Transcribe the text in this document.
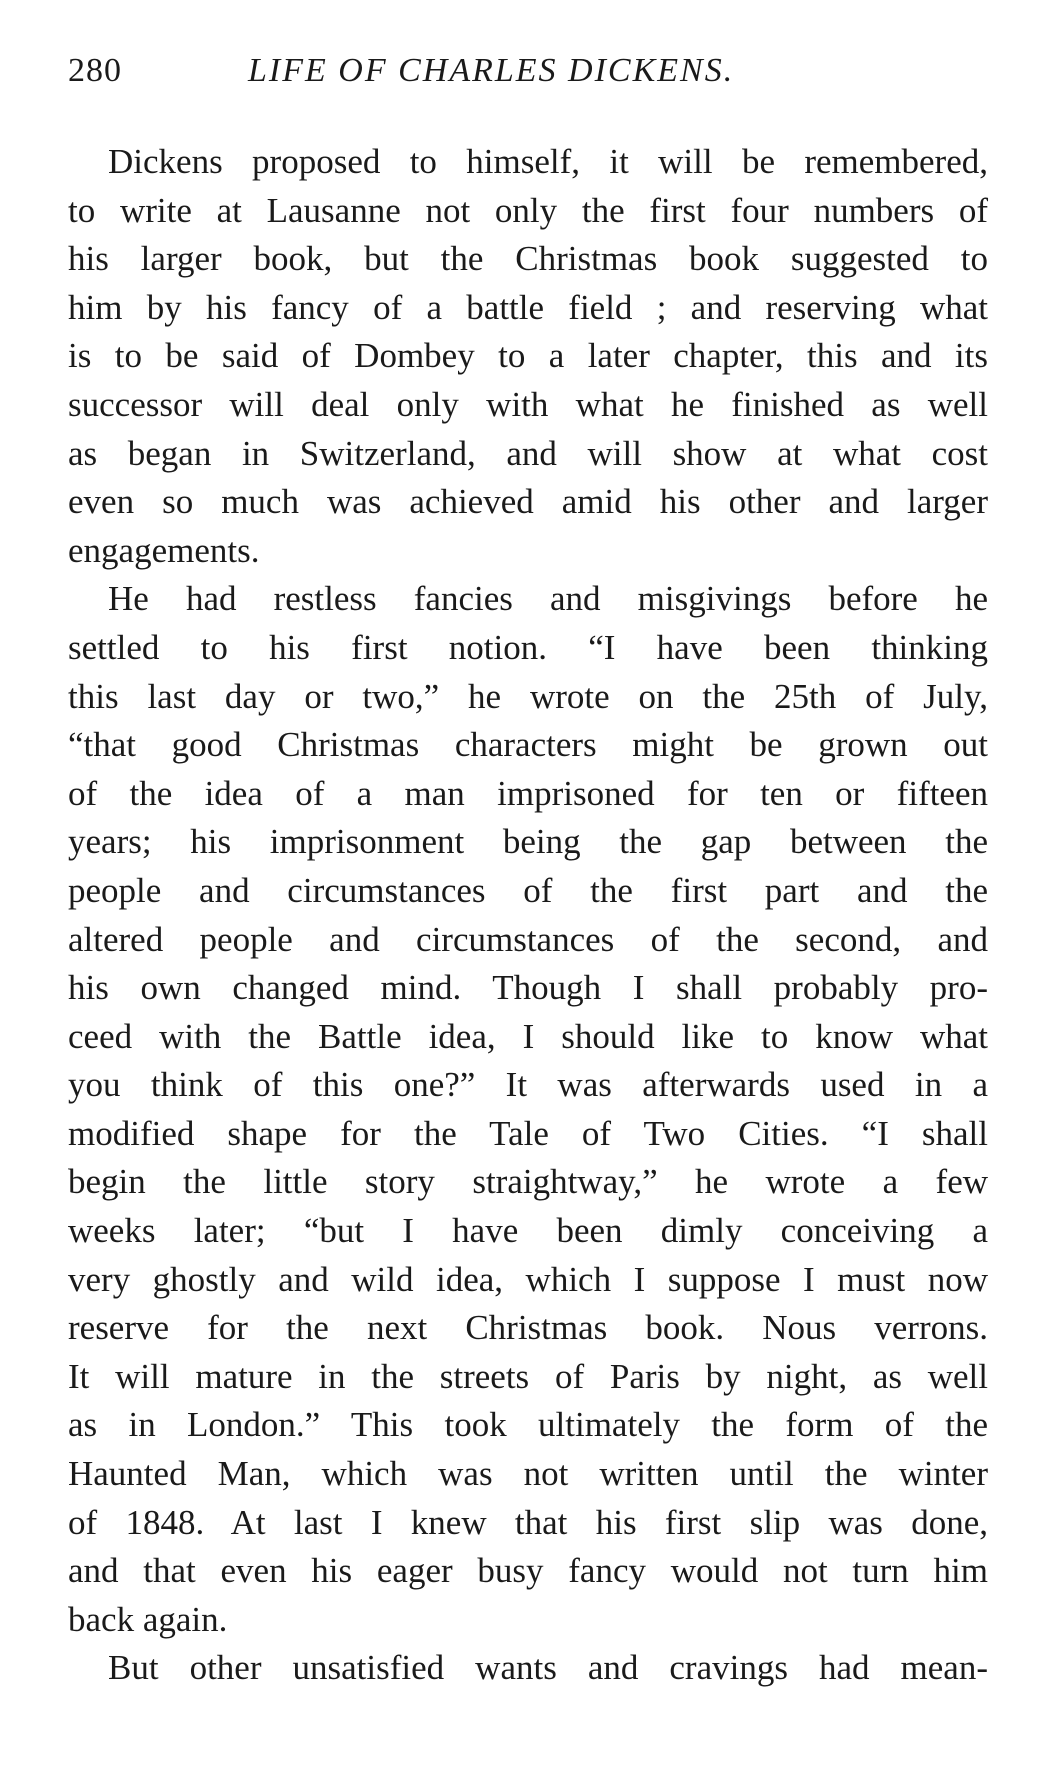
280	LIFE OF CHARLES DICKENS.
Dickens proposed to himself, it will be remembered,
to write at Lausanne not only the first four numbers of
his larger book, but the Christmas book suggested to
him by his fancy of a battle field ; and reserving what
is to be said of Dombey to a later chapter, this and its
successor will deal only with what he finished as well
as began in Switzerland, and will show at what cost
even so much was achieved amid his other and larger
engagements.
He had restless fancies and misgivings before he
settled to his first notion. “I have been thinking
this last day or two,” he wrote on the 25th of July,
“that good Christmas characters might be grown out
of the idea of a man imprisoned for ten or fifteen
years; his imprisonment being the gap between the
people and circumstances of the first part and the
altered people and circumstances of the second, and
his own changed mind. Though I shall probably pro-
ceed with the Battle idea, I should like to know what
you think of this one?” It was afterwards used in a
modified shape for the Tale of Two Cities. “I shall
begin the little story straightway,” he wrote a few
weeks later; “but I have been dimly conceiving a
very ghostly and wild idea, which I suppose I must now
reserve for the next Christmas book. Nous verrons.
It will mature in the streets of Paris by night, as well
as in London.” This took ultimately the form of the
Haunted Man, which was not written until the winter
of 1848. At last I knew that his first slip was done,
and that even his eager busy fancy would not turn him
back again.
But other unsatisfied wants and cravings had mean-
